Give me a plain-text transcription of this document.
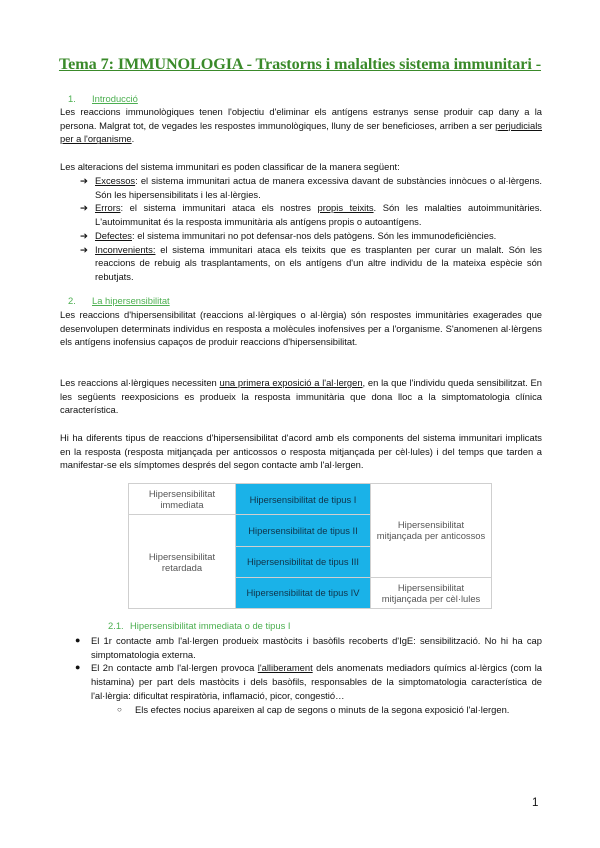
Tema 7: IMMUNOLOGIA - Trastorns i malalties sistema immunitari -
1. Introducció

Les reaccions immunològiques tenen l'objectiu d'eliminar els antígens estranys sense produir cap dany a la persona. Malgrat tot, de vegades les respostes immunològiques, lluny de ser beneficioses, arriben a ser perjudicials per a l'organisme.

Les alteracions del sistema immunitari es poden classificar de la manera següent:

➔ Excessos: el sistema immunitari actua de manera excessiva davant de substàncies innòcues o al·lèrgens. Són les hipersensibilitats i les al·lèrgies.
➔ Errors: el sistema immunitari ataca els nostres propis teixits. Són les malalties autoimmunitàries. L'autoimmunitat és la resposta immunitària als antígens propis o autoantígens.
➔ Defectes: el sistema immunitari no pot defensar-nos dels patògens. Són les immunodeficiències.
➔ Inconvenients: el sistema immunitari ataca els teixits que es trasplanten per curar un malalt. Són les reaccions de rebuig als trasplantaments, on els antígens d'un altre individu de la mateixa espècie són rebutjats.
2. La hipersensibilitat

Les reaccions d'hipersensibilitat (reaccions al·lèrgiques o al·lèrgia) són respostes immunitàries exagerades que desenvolupen determinats individus en resposta a molècules inofensives per a l'organisme. S'anomenen al·lèrgens els antígens inofensius capaços de produir reaccions d'hipersensibilitat.

Les reaccions al·lèrgiques necessiten una primera exposició a l'al·lergen, en la que l'individu queda sensibilitzat. En les següents reexposicions es produeix la resposta immunitària que dona lloc a la simptomatologia clínica característica.

Hi ha diferents tipus de reaccions d'hipersensibilitat d'acord amb els components del sistema immunitari implicats en la resposta (resposta mitjançada per anticossos o resposta mitjançada per cèl·lules) i del temps que tarden a manifestar-se els símptomes després del segon contacte amb l'al·lergen.

Hipersensibilitat immediata	Hipersensibilitat de tipus I	Hipersensibilitat mitjançada per anticossos
Hipersensibilitat retardada	Hipersensibilitat de tipus II	
	Hipersensibilitat de tipus III	
	Hipersensibilitat de tipus IV	Hipersensibilitat mitjançada per cèl·lules
2.1. Hipersensibilitat immediata o de tipus I
● El 1r contacte amb l'al·lergen produeix mastòcits i basòfils recoberts d'IgE: sensibilització. No hi ha cap simptomatologia externa.
● El 2n contacte amb l'al·lergen provoca l'alliberament dels anomenats mediadors químics al·lèrgics (com la histamina) per part dels mastòcits i dels basòfils, responsables de la simptomatologia característica de l'al·lèrgia: dificultat respiratòria, inflamació, picor, congestió…
○ Els efectes nocius apareixen al cap de segons o minuts de la segona exposició l'al·lergen.
1
